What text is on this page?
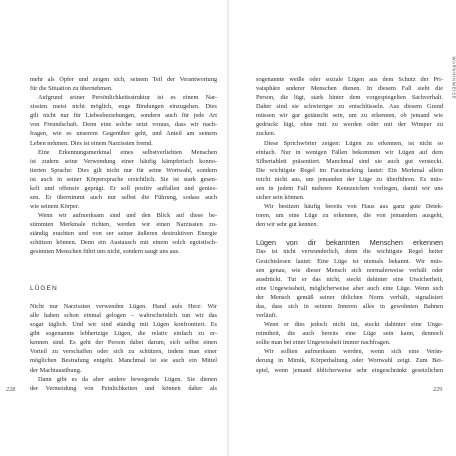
mehr als Opfer und zeigen sich, seinem Teil der Verantwortung

für die Situation zu übernehmen.

Aufgrund seiner Persönlichkeitsstruktur ist es einem Nar-

zissten meist nicht möglich, enge Bindungen einzugehen. Dies

gilt nicht nur für Liebesbeziehungen, sondern auch für jede Art

von Freundschaft. Denn eine solche setzt voraus, dass wir nach-

fragen, wie es unserem Gegenüber geht, und Anteil am seinem

Leben nehmen. Dies ist einem Narzissten fremd.

Eine Erkennungsmerkmal eines selbstverliebten Menschen

ist zudem seine Verwendung einer häufig kämpferisch konno-

tierten Sprache: Dies gilt nicht nur für seine Wortwahl, sondern

ist auch in seiner Körpersprache ersichtlich. Sie ist stark gesen-

kelt und offensiv geprägt. Er soll positiv auffallen und genies-

sen. Er übernimmt auch nur selbst die Führung, sodass auch

wie seinem Körper.

Wenn wir aufmerksam sind und den Blick auf diese be-

stimmten Merkmale richten, werden wir einen Narzissten zu-

ständig erachten und von ser seiner äußeren destruktiven Energie

schützen können. Denn ein Austausch mit einem solch egoistisch-

gesinnten Menschen führt uns nicht, sondern saugt uns aus.

LÜGEN

Nicht nur Narzissten verwenden Lügen. Hand aufs Herz: Wir

alle haben schon einmal gelogen – wahrscheinlich tun wir das

sogar täglich. Und wir sind ständig mit Lügen konfrontiert. Es

gibt sogenannte lebhertzige Lügen, die relativ einfach zu er-

kennen sind. Es geht der Person dabei darum, sich selbst einen

Vorteil zu verschaffen oder sich zu schützen, indem man einer

möglichen Bestrafung entgeht. Manchmal ist sie auch ein Mittel

der Machtausübung.

Dann gibt es da aber andere bewegende Lügen. Sie dienen

der Vermeidung von Peinlichkeiten und können daher als

228
WARNHINWEISE

sogenannte weiße oder soziale Lügen aus dem Schutz der Pri-

vatsphäre anderer Menschen dienen. In diesem Fall sieht die

Person, die lügt, stark hinter dem vorgespiegelten Sachverhalt.

Daher sind sie schwieriger zu entschlüsseln. Aus diesem Grund

müssen wir gar getäuscht sein, um zu erkennen, ob jemand wie

gedruckt lügt, ohne mit zu werden oder mit der Wimper zu

zucken.

Diese Sprichwörter zeigen: Lügen zu erkennen, ist nicht so

einfach. Nur in wenigen Fällen bekommen wir Lügen auf dem

Silbertablett präsentiert. Manchmal sind sie auch gut versteckt.

Die wichtigste Regel im Facetracking lautet: Ein Merkmal allein

reicht nicht aus, um jemanden der Lüge zu überführen. Es müs-

sen in jedem Fall mehrere Kennzeichen vorliegen, damit wir uns

sicher sein können.

Wir besitzen häufig bereits von Haus aus ganz gute Detek-

toren, um eine Lüge zu erkennen, die von jemandem ausgeht,

den wir sehr gut kennen.

Lügen von dir bekannten Menschen erkennen

Das ist nicht verwunderlich, denn die wichtigste Regel heiter

Gesichtslesen lautet: Eine Lüge ist niemals bekannt. Wir müs-

sen genau, wie dieser Mensch sich normalerweise verhält oder

ausdrückt. Tut er das nicht, steckt dahinter eine Unsicherheit,

eine Ungewissheit, möglicherweise aber auch eine Lüge. Wenn sich

der Mensch gemäß seiner üblichen Norm verhält, signalisiert

das, dass sich in seinem Inneren alles in gewohnten Bahnen

verläuft.

Wenn er dies jedoch nicht tut, steckt dahinter eine Unge-

reimtheit, die auch bereits eine Lüge sein kann, dennoch

sollte man bei einer Ungewissheit immer nachfragen.

Wir sollten aufmerksam werden, wenn sich eine Verän-

derung in Mimik, Körperhaltung oder Wortwahl zeigt. Zum Bei-

spiel, wenn jemand üblicherweise sehr eingeschränkt gesetzlichen

229
